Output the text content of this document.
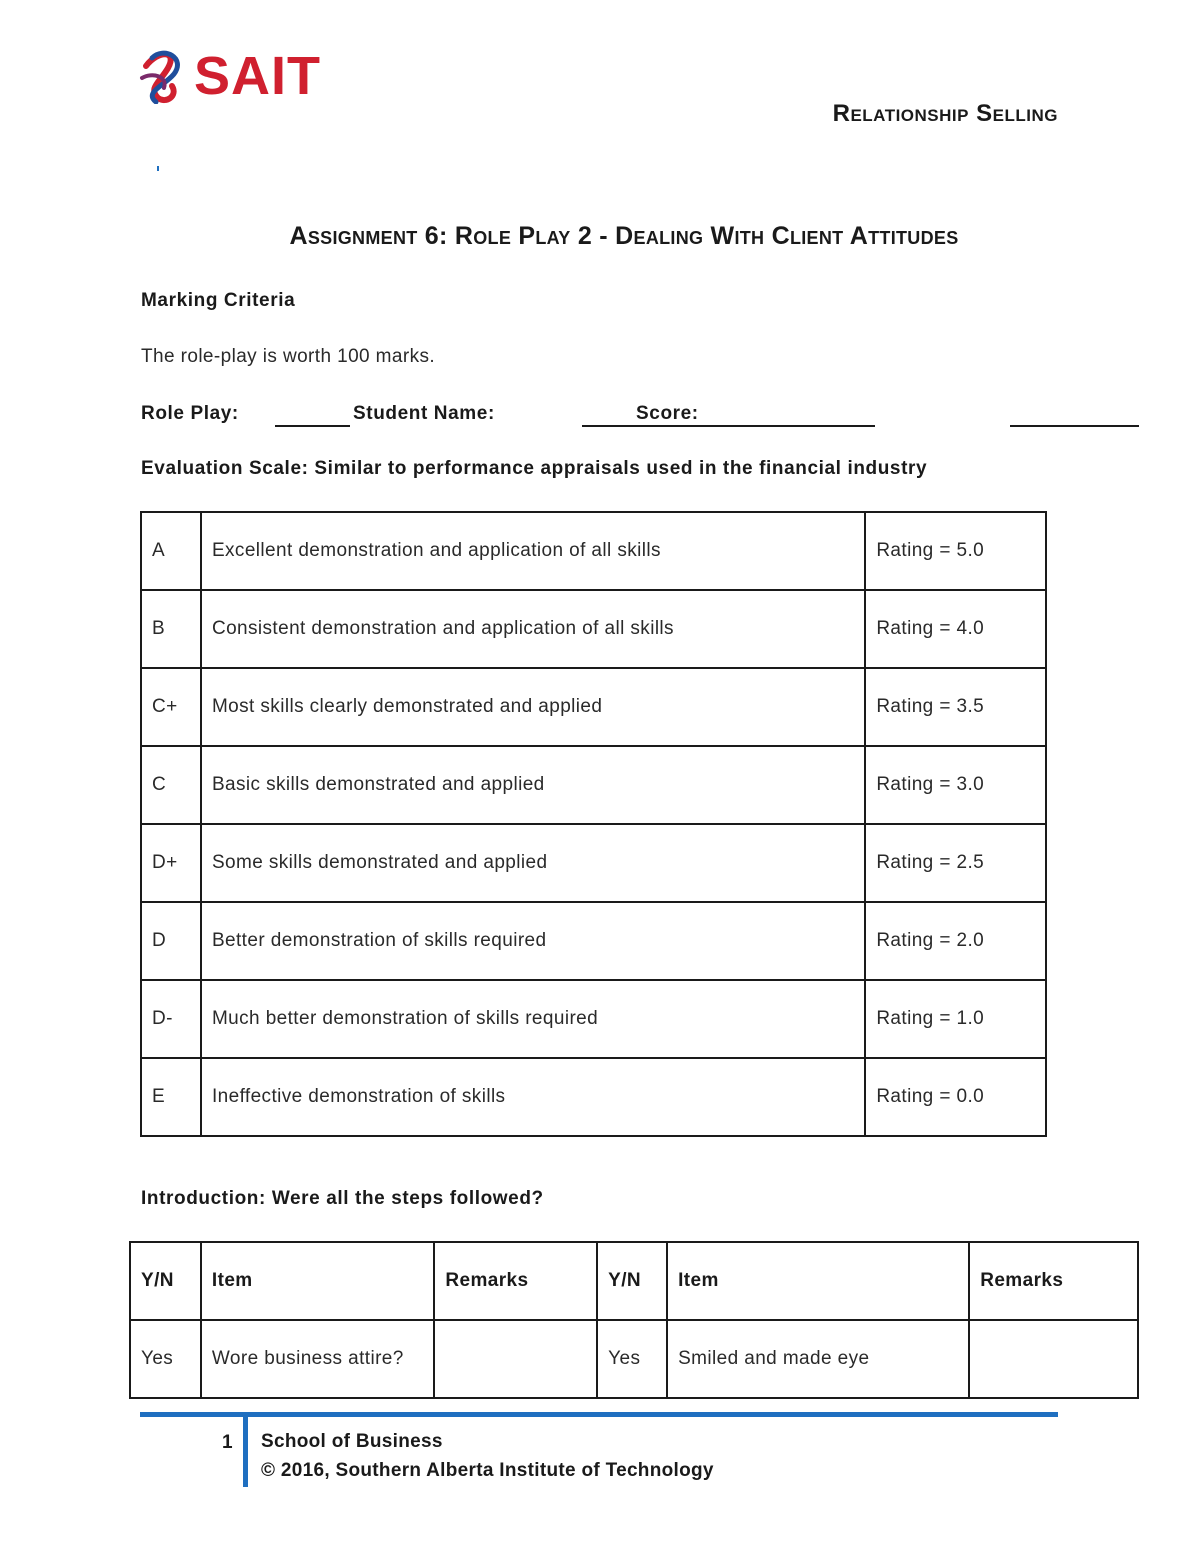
SAIT
Relationship Selling
Assignment 6: Role Play 2 - Dealing With Client Attitudes
Marking Criteria
The role-play is worth 100 marks.
Role Play:	Student Name:	Score:
Evaluation Scale: Similar to performance appraisals used in the financial industry
A	Excellent demonstration and application of all skills	Rating = 5.0
B	Consistent demonstration and application of all skills	Rating = 4.0
C+	Most skills clearly demonstrated and applied	Rating = 3.5
C	Basic skills demonstrated and applied	Rating = 3.0
D+	Some skills demonstrated and applied	Rating = 2.5
D	Better demonstration of skills required	Rating = 2.0
D-	Much better demonstration of skills required	Rating = 1.0
E	Ineffective demonstration of skills	Rating = 0.0
Introduction: Were all the steps followed?
Y/N	Item	Remarks	Y/N	Item	Remarks
Yes	Wore business attire?		Yes	Smiled and made eye	
1 School of Business
© 2016, Southern Alberta Institute of Technology
